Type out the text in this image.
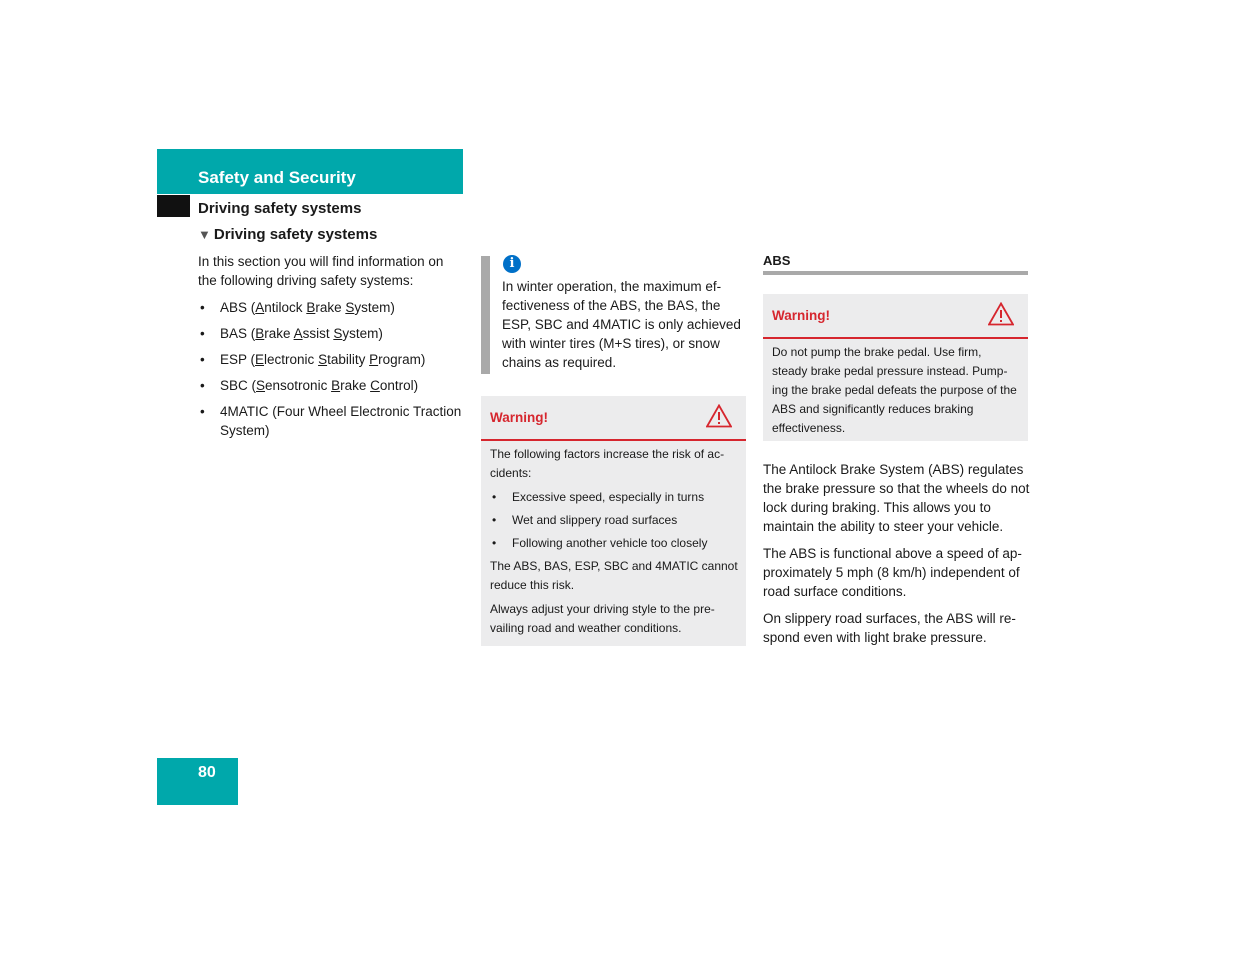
Safety and Security
Driving safety systems
▼ Driving safety systems

In this section you will find information on the following driving safety systems:

• ABS (Antilock Brake System)
• BAS (Brake Assist System)
• ESP (Electronic Stability Program)
• SBC (Sensotronic Brake Control)
• 4MATIC (Four Wheel Electronic Traction System)
i
In winter operation, the maximum ef-fectiveness of the ABS, the BAS, the ESP, SBC and 4MATIC is only achieved with winter tires (M+S tires), or snow chains as required.
Warning!

The following factors increase the risk of ac-cidents:

• Excessive speed, especially in turns
• Wet and slippery road surfaces
• Following another vehicle too closely

The ABS, BAS, ESP, SBC and 4MATIC cannot reduce this risk.

Always adjust your driving style to the pre-vailing road and weather conditions.

ABS
Warning!

Do not pump the brake pedal. Use firm, steady brake pedal pressure instead. Pump-ing the brake pedal defeats the purpose of the ABS and significantly reduces braking effectiveness.

The Antilock Brake System (ABS) regulates the brake pressure so that the wheels do not lock during braking. This allows you to maintain the ability to steer your vehicle.

The ABS is functional above a speed of ap-proximately 5 mph (8 km/h) independent of road surface conditions.

On slippery road surfaces, the ABS will re-spond even with light brake pressure.

80
